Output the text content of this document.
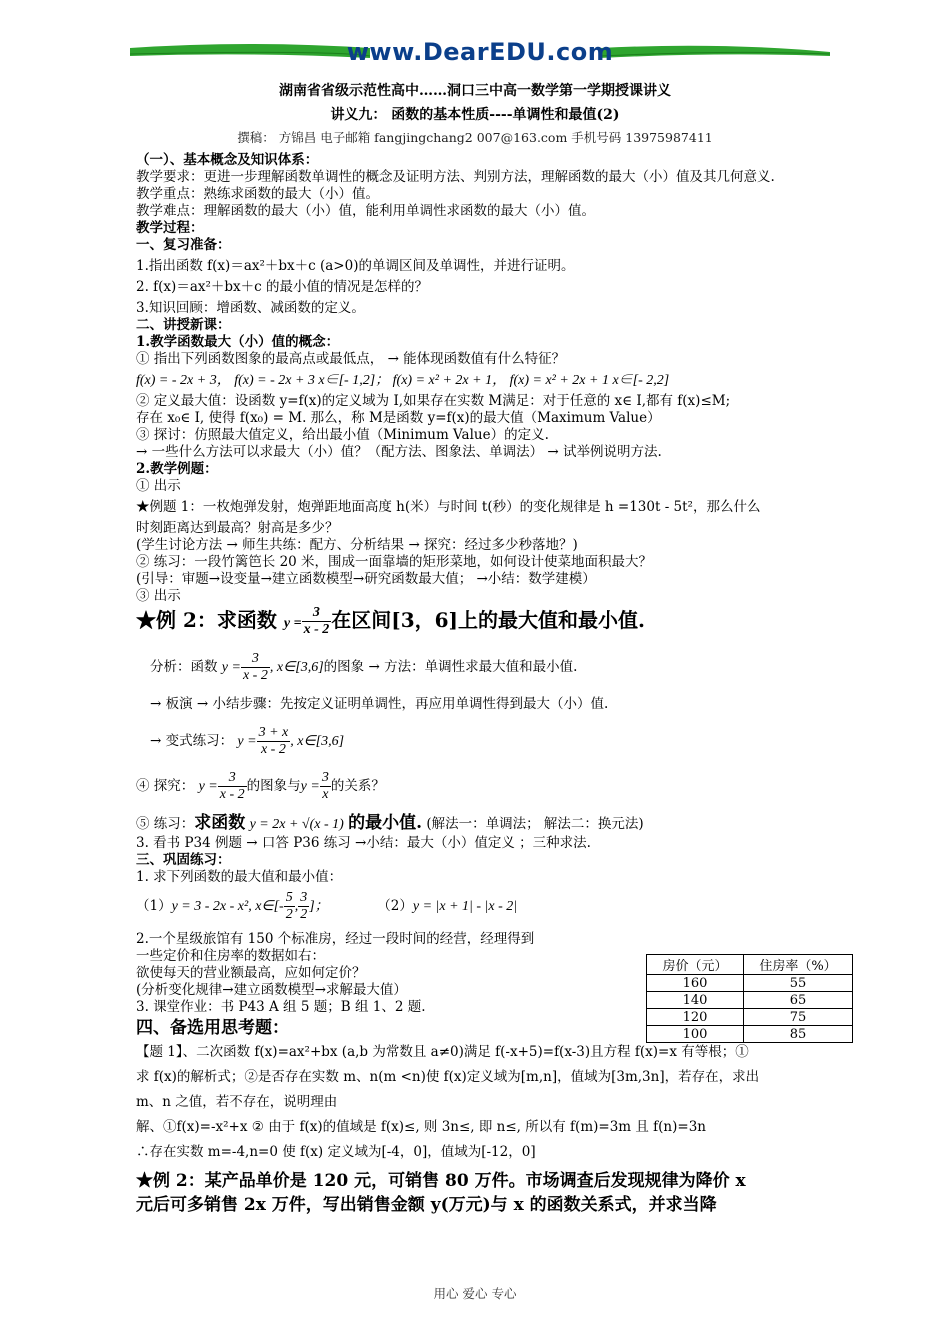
www.DearEDU.com
湖南省省级示范性高中……洞口三中高一数学第一学期授课讲义
讲义九： 函数的基本性质----单调性和最值(2)
撰稿： 方锦昌 电子邮箱 fangjingchang2 007@163.com 手机号码 13975987411
（一）、基本概念及知识体系：
教学要求：更进一步理解函数单调性的概念及证明方法、判别方法，理解函数的最大（小）值及其几何意义.
教学重点：熟练求函数的最大（小）值。
教学难点：理解函数的最大（小）值，能利用单调性求函数的最大（小）值。
教学过程：
一、复习准备：
1.指出函数 f(x)＝ax²＋bx＋c (a>0)的单调区间及单调性，并进行证明。
2. f(x)＝ax²＋bx＋c 的最小值的情况是怎样的？
3.知识回顾：增函数、减函数的定义。
二、讲授新课：
1.教学函数最大（小）值的概念：
① 指出下列函数图象的最高点或最低点， → 能体现函数值有什么特征？
f(x) = - 2x + 3， f(x) = - 2x + 3 x∈[- 1,2]； f(x) = x² + 2x + 1， f(x) = x² + 2x + 1 x∈[- 2,2]
② 定义最大值：设函数 y=f(x)的定义域为 I,如果存在实数 M满足：对于任意的 x∈ I,都有 f(x)≤M;
存在 x₀∈ I, 使得 f(x₀) = M. 那么，称 M是函数 y=f(x)的最大值（Maximum Value）
③ 探讨：仿照最大值定义，给出最小值（Minimum Value）的定义.
→ 一些什么方法可以求最大（小）值？（配方法、图象法、单调法） → 试举例说明方法.
2.教学例题：
① 出示
★例题 1：一枚炮弹发射，炮弹距地面高度 h(米）与时间 t(秒）的变化规律是 h =130t - 5t²，那么什么
时刻距离达到最高？射高是多少？
(学生讨论方法 → 师生共练：配方、分析结果 → 探究：经过多少秒落地？)
② 练习：一段竹篱笆长 20 米，围成一面靠墙的矩形菜地，如何设计使菜地面积最大？
(引导：审题→设变量→建立函数模型→研究函数最大值； →小结：数学建模）
③ 出示
★例 2：求函数 $y = \frac{3}{x - 2}$ 在区间[3，6]上的最大值和最小值.
分析：函数 $y = \frac{3}{x - 2}$ , x∈[3,6]的图象 → 方法：单调性求最大值和最小值.
→ 板演 → 小结步骤：先按定义证明单调性，再应用单调性得到最大（小）值.
→ 变式练习： $y = \frac{3 + x}{x - 2}$ , x∈[3,6]
④ 探究： $y = \frac{3}{x - 2}$ 的图象与$y = \frac{3}{x}$ 的关系？
⑤ 练习：求函数 y = 2x + √(x - 1) 的最小值. (解法一：单调法； 解法二：换元法)
3. 看书 P34 例题 → 口答 P36 练习 →小结：最大（小）值定义 ；三种求法.
三、巩固练习：
1. 求下列函数的最大值和最小值：
（1）y = 3 - 2x - x², x∈[- $\frac{5}{2}$ , $\frac{3}{2}$ ]；	（2）y = |x + 1| - |x - 2|
2.一个星级旅馆有 150 个标准房，经过一段时间的经营，经理得到
一些定价和住房率的数据如右：
欲使每天的营业额最高，应如何定价？
(分析变化规律→建立函数模型→求解最大值）
3. 课堂作业：书 P43 A 组 5 题；B 组 1、2 题.
四、备选用思考题：
【题 1】、二次函数 f(x)=ax²+bx (a,b 为常数且 a≠0)满足 f(-x+5)=f(x-3)且方程 f(x)=x 有等根；①
求 f(x)的解析式；②是否存在实数 m、n(m <n)使 f(x)定义域为[m,n]，值域为[3m,3n]，若存在，求出
m、n 之值，若不存在，说明理由
解、①f(x)=-x²+x ② 由于 f(x)的值域是 f(x)≤, 则 3n≤, 即 n≤, 所以有 f(m)=3m 且 f(n)=3n
∴存在实数 m=-4,n=0 使 f(x) 定义域为[-4，0]，值域为[-12，0]
★例 2：某产品单价是 120 元，可销售 80 万件。市场调查后发现规律为降价 x
元后可多销售 2x 万件，写出销售金额 y(万元)与 x 的函数关系式，并求当降
房价（元）	住房率（%）
160	55
140	65
120	75
100	85
用心 爱心 专心
